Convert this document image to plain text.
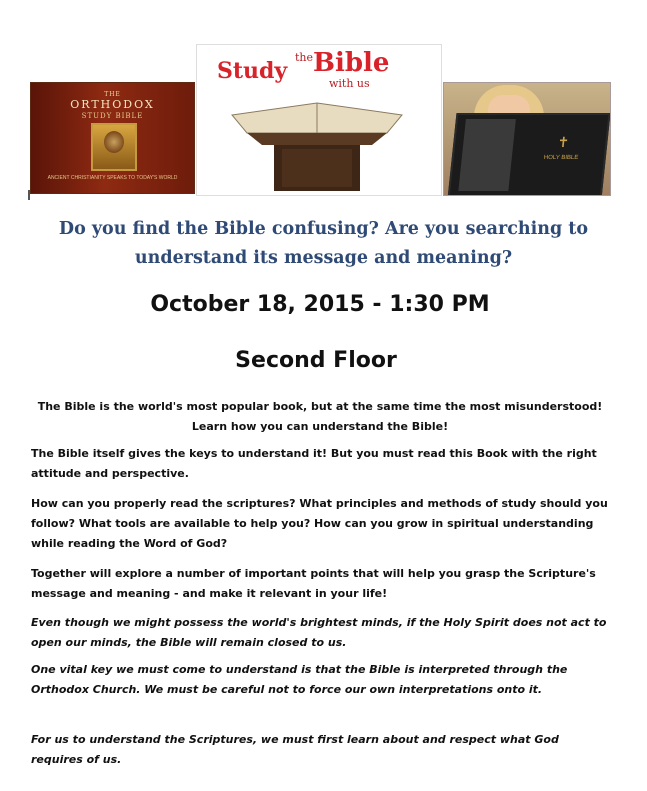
THE
ORTHODOX
STUDY BIBLE
ANCIENT CHRISTIANITY SPEAKS TO TODAY'S WORLD
Study
the Bible
with us
✝
HOLY BIBLE
Do you find the Bible confusing? Are you searching to understand its message and meaning?
October 18, 2015 - 1:30 PM
Second Floor
The Bible is the world's most popular book, but at the same time the most misunderstood! Learn how you can understand the Bible!
The Bible itself gives the keys to understand it! But you must read this Book with the right attitude and perspective.
How can you properly read the scriptures? What principles and methods of study should you follow? What tools are available to help you? How can you grow in spiritual understanding while reading the Word of God?
Together will explore a number of important points that will help you grasp the Scripture's message and meaning - and make it relevant in your life!
Even though we might possess the world's brightest minds, if the Holy Spirit does not act to open our minds, the Bible will remain closed to us.
One vital key we must come to understand is that the Bible is interpreted through the Orthodox Church. We must be careful not to force our own interpretations onto it.
For us to understand the Scriptures, we must first learn about and respect what God requires of us.
